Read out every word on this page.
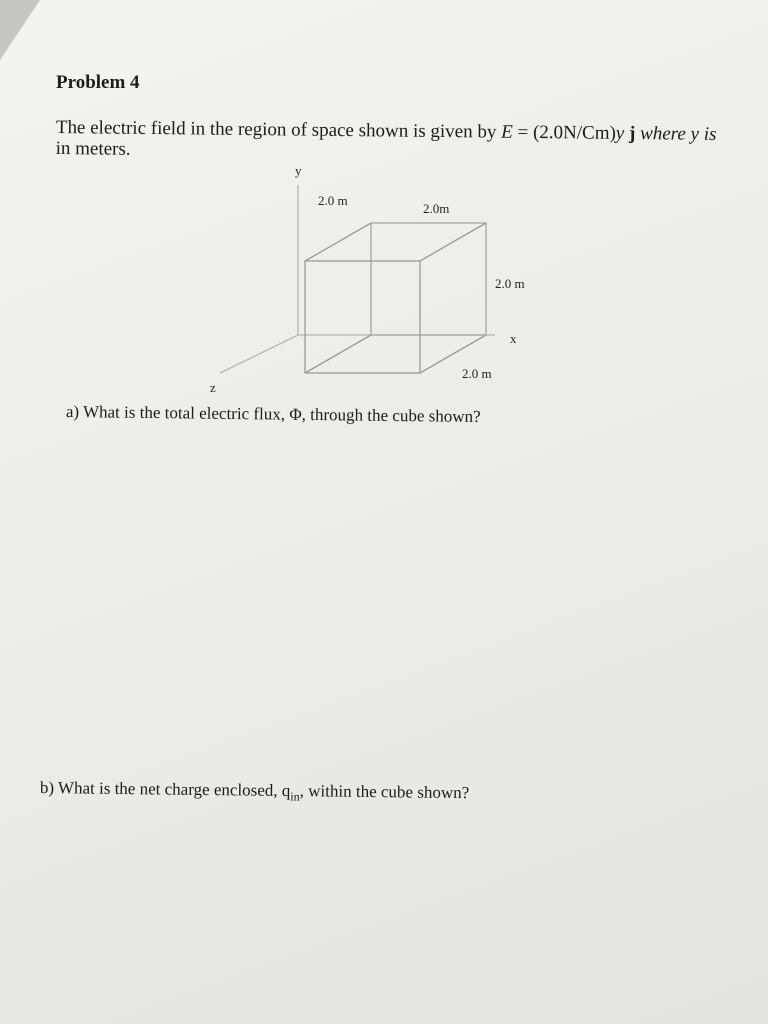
Problem 4
The electric field in the region of space shown is given by E = (2.0N/Cm)y j where y is
in meters.
y
x
z
2.0 m
2.0m
2.0 m
2.0 m
a) What is the total electric flux, Φ, through the cube shown?
b) What is the net charge enclosed, $q_{in}$, within the cube shown?
